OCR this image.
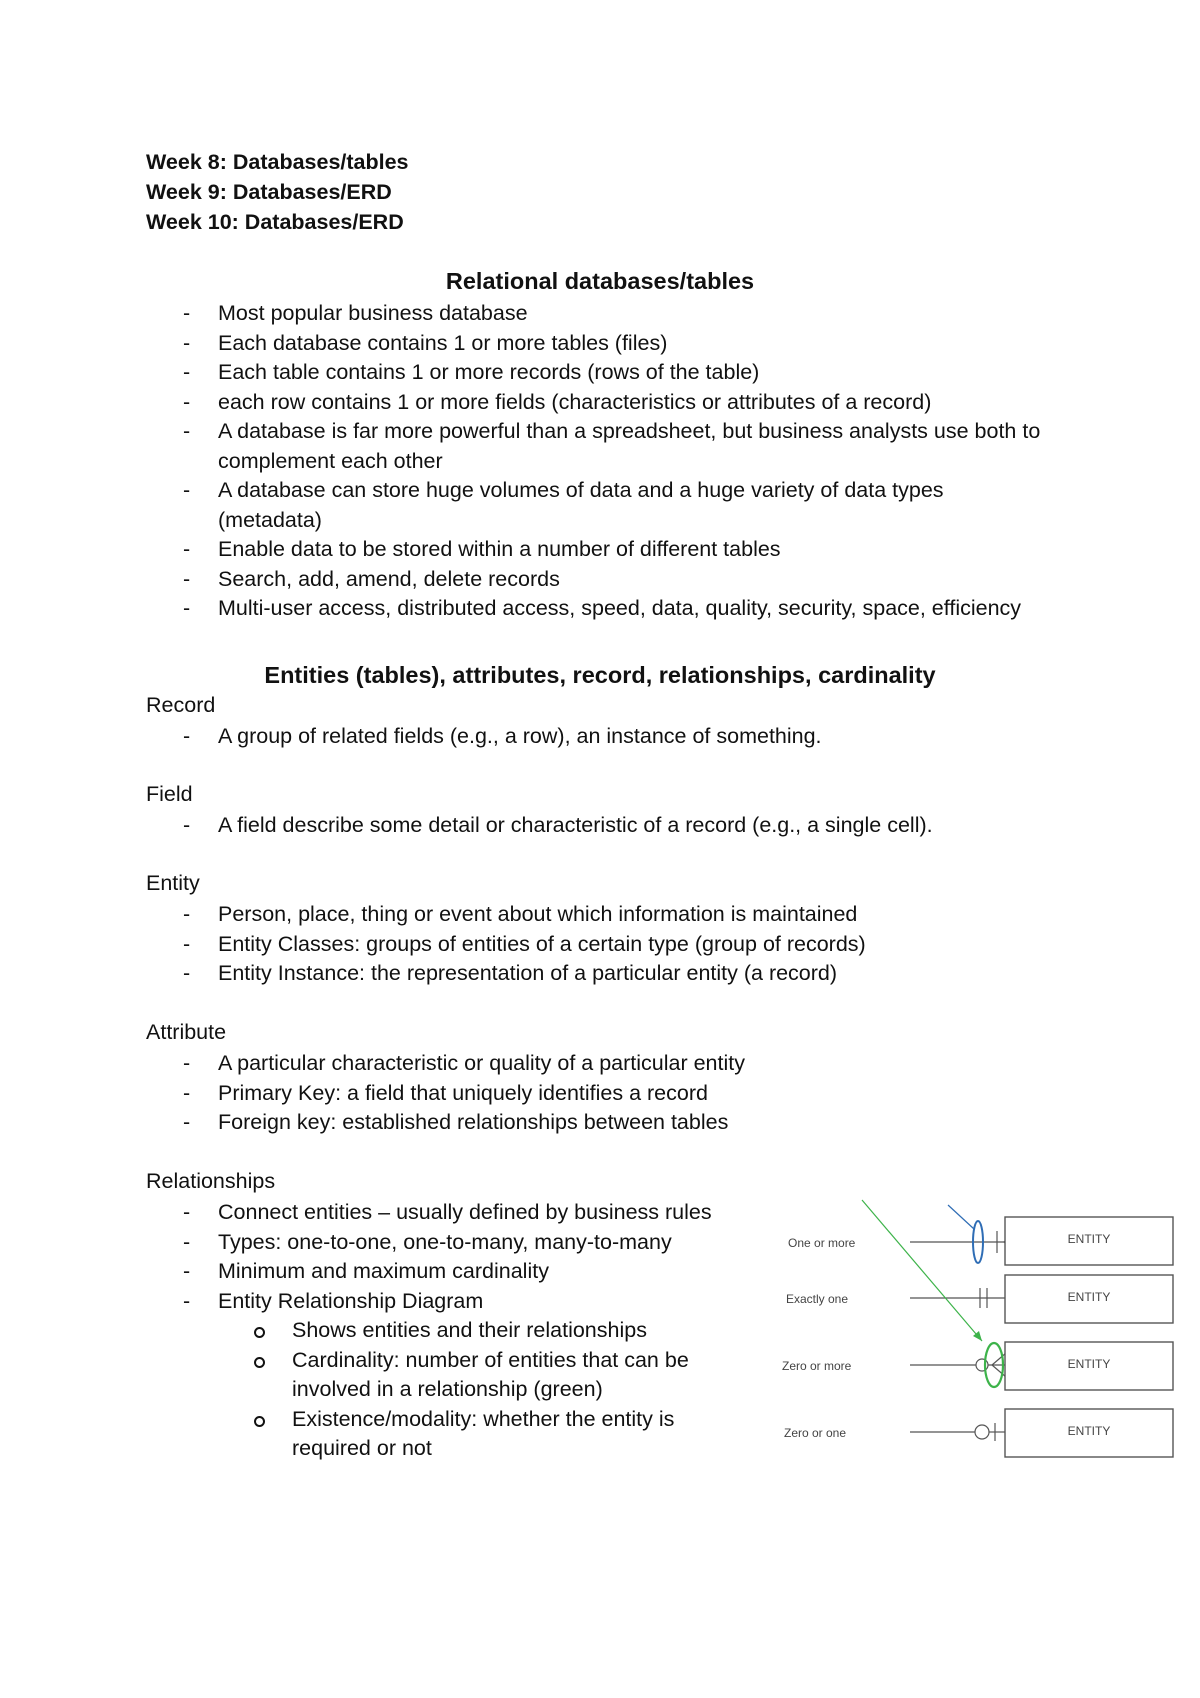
Week 8: Databases/tables
Week 9: Databases/ERD
Week 10: Databases/ERD
Relational databases/tables
- Most popular business database
- Each database contains 1 or more tables (files)
- Each table contains 1 or more records (rows of the table)
- each row contains 1 or more fields (characteristics or attributes of a record)
- A database is far more powerful than a spreadsheet, but business analysts use both to complement each other
- A database can store huge volumes of data and a huge variety of data types (metadata)
- Enable data to be stored within a number of different tables
- Search, add, amend, delete records
- Multi-user access, distributed access, speed, data, quality, security, space, efficiency
Entities (tables), attributes, record, relationships, cardinality
Record
- A group of related fields (e.g., a row), an instance of something.
Field
- A field describe some detail or characteristic of a record (e.g., a single cell).
Entity
- Person, place, thing or event about which information is maintained
- Entity Classes: groups of entities of a certain type (group of records)
- Entity Instance: the representation of a particular entity (a record)
Attribute
- A particular characteristic or quality of a particular entity
- Primary Key: a field that uniquely identifies a record
- Foreign key: established relationships between tables
Relationships
- Connect entities – usually defined by business rules
- Types: one-to-one, one-to-many, many-to-many
- Minimum and maximum cardinality
- Entity Relationship Diagram
Shows entities and their relationships
Cardinality: number of entities that can be involved in a relationship (green)
Existence/modality: whether the entity is required or not
One or more	ENTITY
Exactly one	ENTITY
Zero or more	ENTITY
Zero or one	ENTITY
